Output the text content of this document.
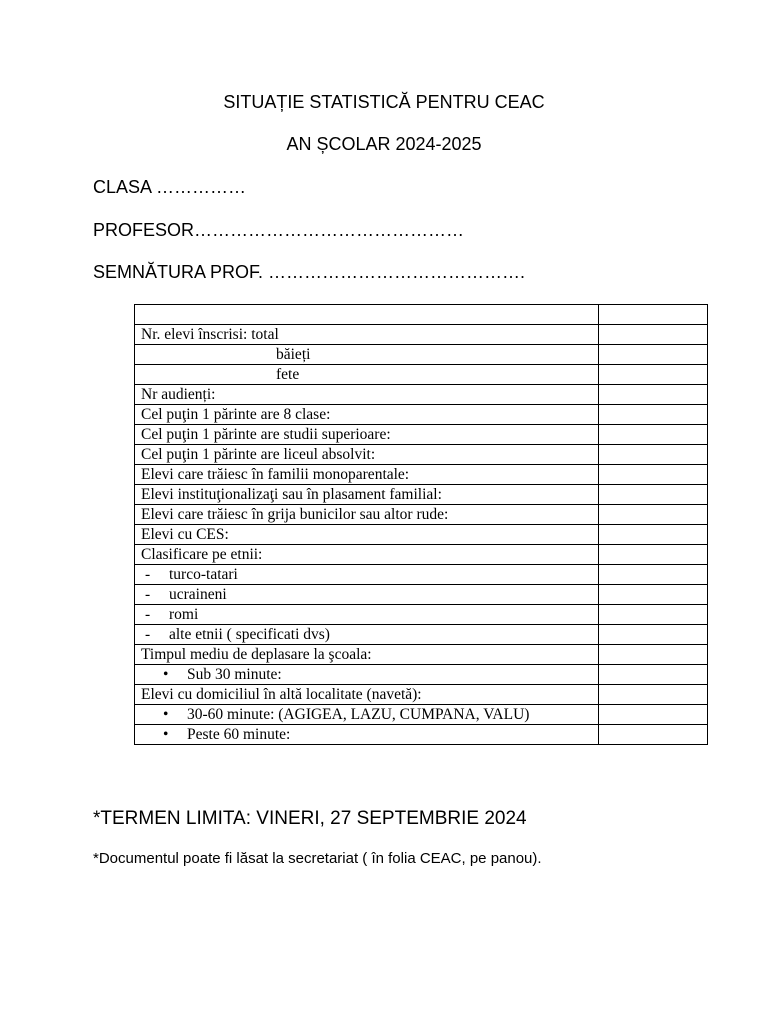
SITUAȚIE STATISTICĂ PENTRU CEAC
AN ȘCOLAR 2024-2025
CLASA ……………
PROFESOR………………………………………
SEMNĂTURA PROF. …………………………………….

Nr. elevi înscrisi: total	
băieți	
fete	
Nr audienți:	
Cel puţin 1 părinte are 8 clase:	
Cel puţin 1 părinte are studii superioare:	
Cel puţin 1 părinte are liceul absolvit:	
Elevi care trăiesc în familii monoparentale:	
Elevi instituţionalizaţi sau în plasament familial:	
Elevi care trăiesc în grija bunicilor sau altor rude:	
Elevi cu CES:	
Clasificare pe etnii:	
- turco-tatari	
- ucraineni	
- romi	
- alte etnii ( specificati dvs)	
Timpul mediu de deplasare la şcoala:	
• Sub 30 minute:	
Elevi cu domiciliul în altă localitate (navetă):	
• 30-60 minute: (AGIGEA, LAZU, CUMPANA, VALU)	
• Peste 60 minute:	
*TERMEN LIMITA: VINERI, 27 SEPTEMBRIE 2024
*Documentul poate fi lăsat la secretariat ( în folia CEAC, pe panou).
